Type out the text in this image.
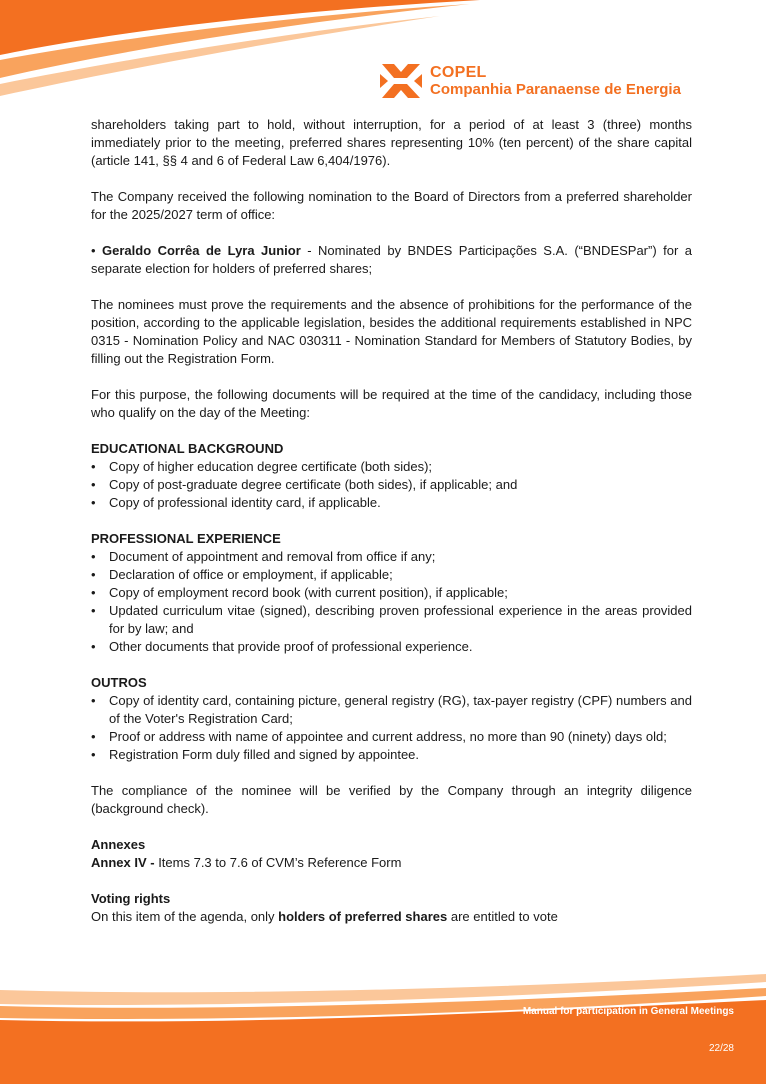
COPEL
Companhia Paranaense de Energia

shareholders taking part to hold, without interruption, for a period of at least 3 (three) months immediately prior to the meeting, preferred shares representing 10% (ten percent) of the share capital (article 141, §§ 4 and 6 of Federal Law 6,404/1976).

The Company received the following nomination to the Board of Directors from a preferred shareholder for the 2025/2027 term of office:

• Geraldo Corrêa de Lyra Junior - Nominated by BNDES Participações S.A. (“BNDESPar”) for a separate election for holders of preferred shares;

The nominees must prove the requirements and the absence of prohibitions for the performance of the position, according to the applicable legislation, besides the additional requirements established in NPC 0315 - Nomination Policy and NAC 030311 - Nomination Standard for Members of Statutory Bodies, by filling out the Registration Form.

For this purpose, the following documents will be required at the time of the candidacy, including those who qualify on the day of the Meeting:

EDUCATIONAL BACKGROUND

• Copy of higher education degree certificate (both sides);
• Copy of post-graduate degree certificate (both sides), if applicable; and
• Copy of professional identity card, if applicable.

PROFESSIONAL EXPERIENCE

• Document of appointment and removal from office if any;
• Declaration of office or employment, if applicable;
• Copy of employment record book (with current position), if applicable;
• Updated curriculum vitae (signed), describing proven professional experience in the areas provided for by law; and
• Other documents that provide proof of professional experience.

OUTROS

• Copy of identity card, containing picture, general registry (RG), tax-payer registry (CPF) numbers and of the Voter's Registration Card;
• Proof or address with name of appointee and current address, no more than 90 (ninety) days old;
• Registration Form duly filled and signed by appointee.

The compliance of the nominee will be verified by the Company through an integrity diligence (background check).

Annexes

Annex IV - Items 7.3 to 7.6 of CVM’s Reference Form

Voting rights

On this item of the agenda, only holders of preferred shares are entitled to vote

Manual for participation in General Meetings
22/28
